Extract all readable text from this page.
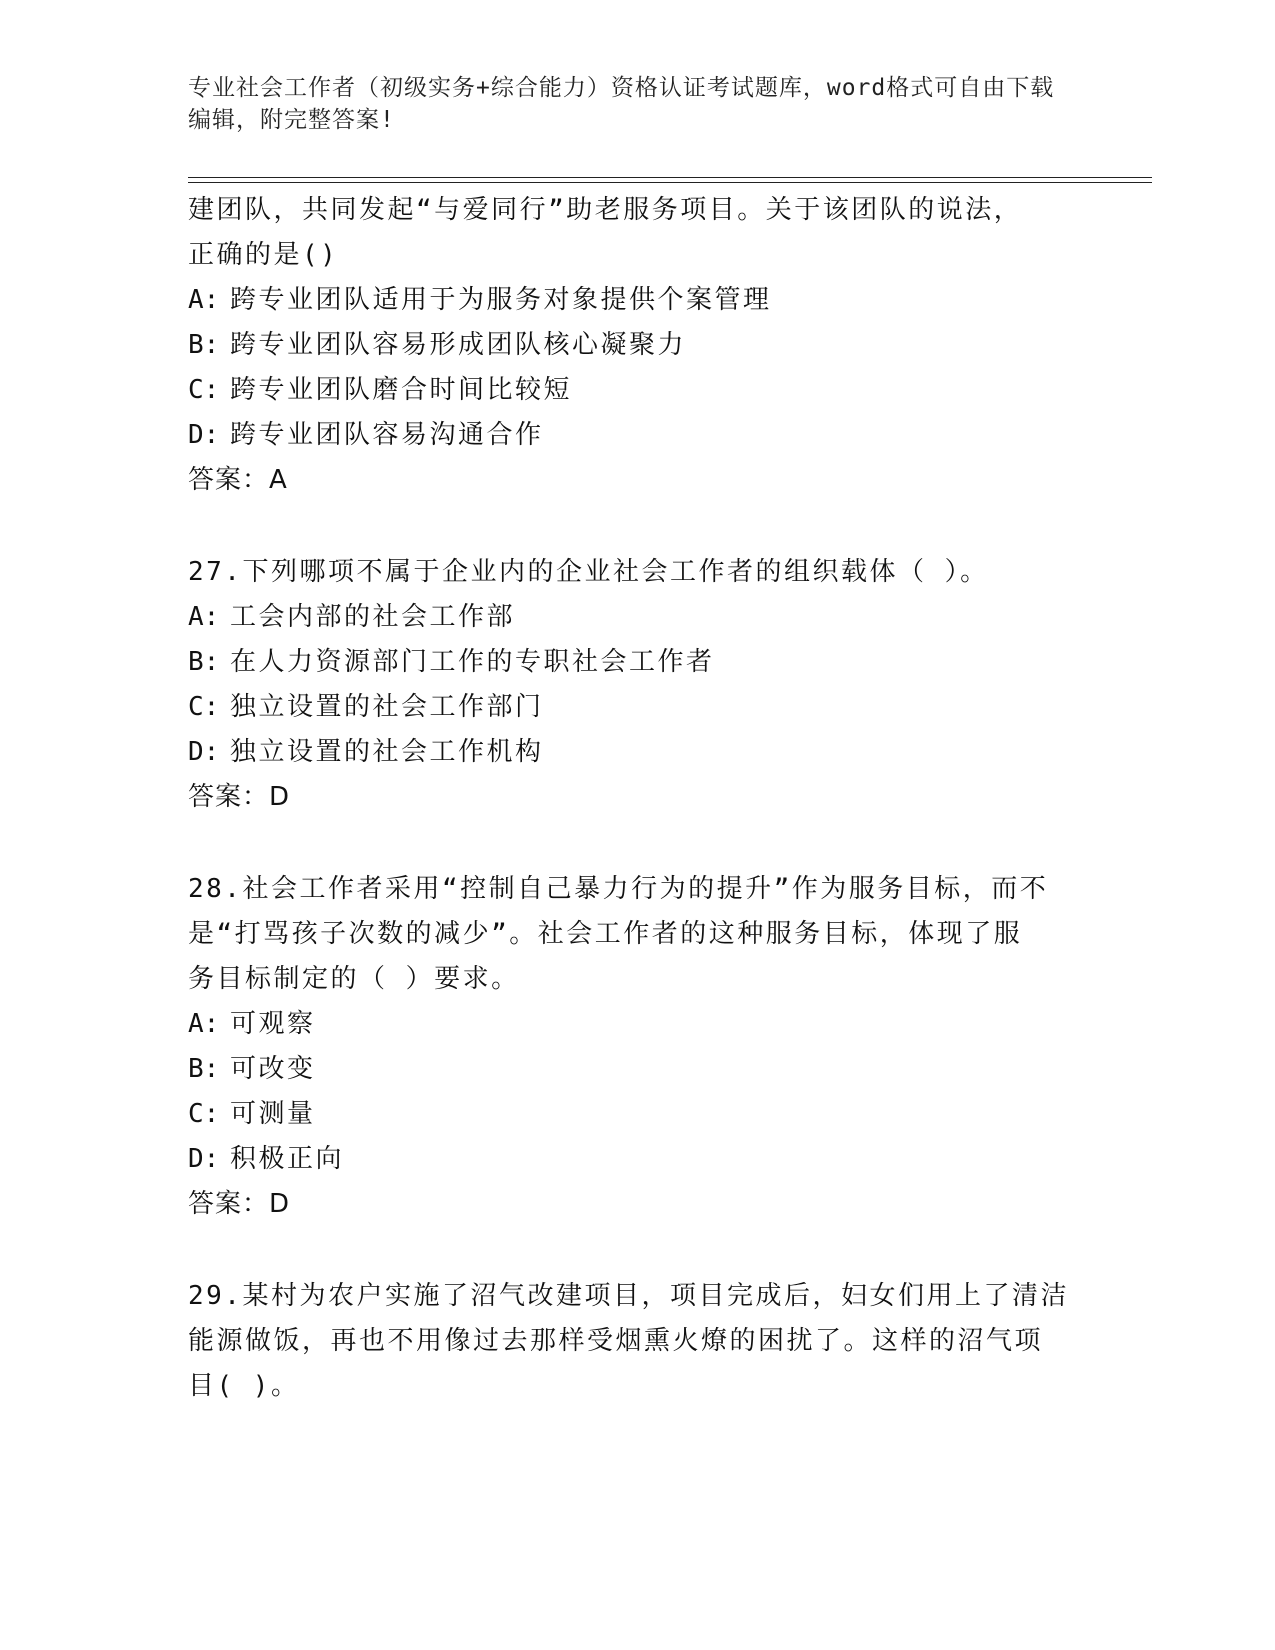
专业社会工作者（初级实务+综合能力）资格认证考试题库，word格式可自由下载
编辑，附完整答案!
建团队，共同发起“与爱同行”助老服务项目。关于该团队的说法，
正确的是()
A: 跨专业团队适用于为服务对象提供个案管理
B: 跨专业团队容易形成团队核心凝聚力
C: 跨专业团队磨合时间比较短
D: 跨专业团队容易沟通合作
答案：A
27.下列哪项不属于企业内的企业社会工作者的组织载体（ ）。
A: 工会内部的社会工作部
B: 在人力资源部门工作的专职社会工作者
C: 独立设置的社会工作部门
D: 独立设置的社会工作机构
答案：D
28.社会工作者采用“控制自己暴力行为的提升”作为服务目标，而不
是“打骂孩子次数的减少”。社会工作者的这种服务目标，体现了服
务目标制定的（ ）要求。
A: 可观察
B: 可改变
C: 可测量
D: 积极正向
答案：D
29.某村为农户实施了沼气改建项目，项目完成后，妇女们用上了清洁
能源做饭，再也不用像过去那样受烟熏火燎的困扰了。这样的沼气项
目( )。
